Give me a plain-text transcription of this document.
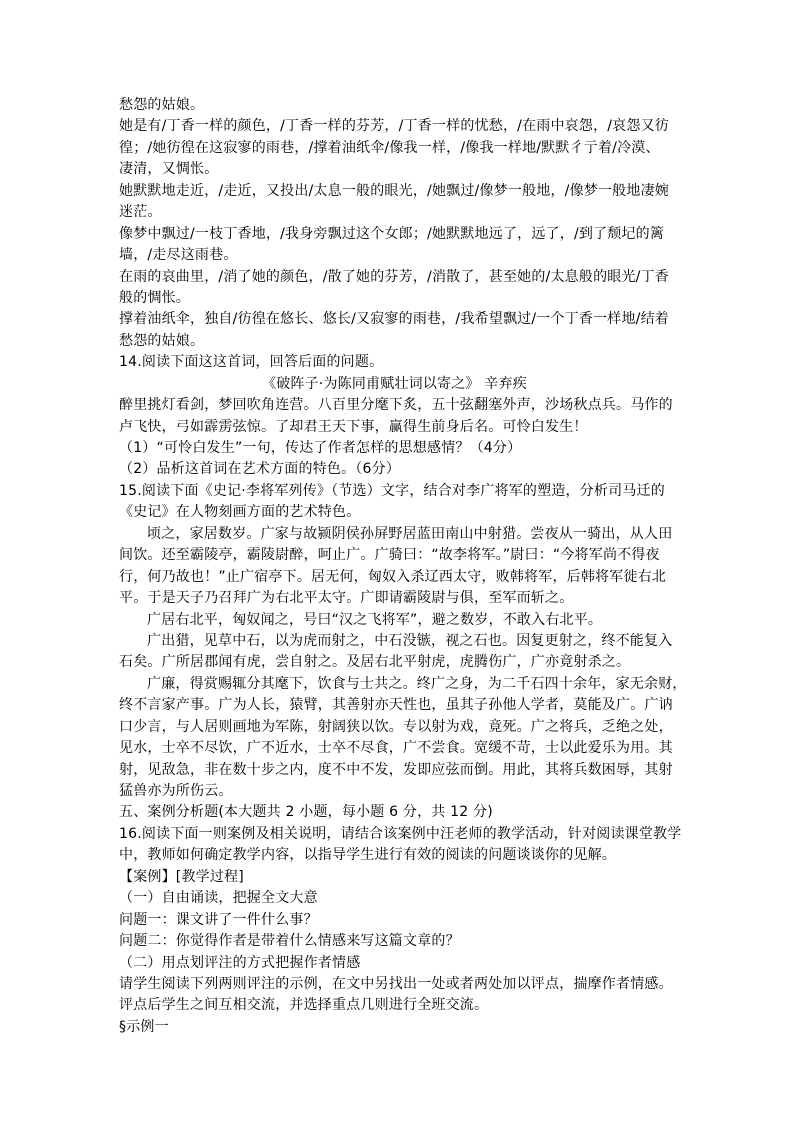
愁怨的姑娘。
她是有/丁香一样的颜色，/丁香一样的芬芳，/丁香一样的忧愁，/在雨中哀怨，/哀怨又彷
徨；/她彷徨在这寂寥的雨巷，/撑着油纸伞/像我一样，/像我一样地/默默彳亍着/冷漠、
凄清，又惆怅。
她默默地走近，/走近，又投出/太息一般的眼光，/她飘过/像梦一般地，/像梦一般地凄婉
迷茫。
像梦中飘过/一枝丁香地，/我身旁飘过这个女郎；/她默默地远了，远了，/到了颓圮的篱
墙，/走尽这雨巷。
在雨的哀曲里，/消了她的颜色，/散了她的芬芳，/消散了，甚至她的/太息般的眼光/丁香
般的惆怅。
撑着油纸伞，独自/彷徨在悠长、悠长/又寂寥的雨巷，/我希望飘过/一个丁香一样地/结着
愁怨的姑娘。
14.阅读下面这这首词，回答后面的问题。
《破阵子·为陈同甫赋壮词以寄之》 辛弃疾
醉里挑灯看剑，梦回吹角连营。八百里分麾下炙，五十弦翻塞外声，沙场秋点兵。马作的
卢飞快，弓如霹雳弦惊。了却君王天下事，赢得生前身后名。可怜白发生！
（1）“可怜白发生”一句，传达了作者怎样的思想感情？（4分）
（2）品析这首词在艺术方面的特色。（6分）
15.阅读下面《史记·李将军列传》（节选）文字，结合对李广将军的塑造，分析司马迁的
《史记》在人物刻画方面的艺术特色。
顷之，家居数岁。广家与故颍阴侯孙屏野居蓝田南山中射猎。尝夜从一骑出，从人田
间饮。还至霸陵亭，霸陵尉醉，呵止广。广骑曰：“故李将军。”尉曰：“今将军尚不得夜
行，何乃故也！”止广宿亭下。居无何，匈奴入杀辽西太守，败韩将军，后韩将军徙右北
平。于是天子乃召拜广为右北平太守。广即请霸陵尉与俱，至军而斩之。
广居右北平，匈奴闻之，号曰“汉之飞将军”，避之数岁，不敢入右北平。
广出猎，见草中石，以为虎而射之，中石没镞，视之石也。因复更射之，终不能复入
石矣。广所居郡闻有虎，尝自射之。及居右北平射虎，虎腾伤广，广亦竟射杀之。
广廉，得赏赐辄分其麾下，饮食与士共之。终广之身，为二千石四十余年，家无余财，
终不言家产事。广为人长，猿臂，其善射亦天性也，虽其子孙他人学者，莫能及广。广讷
口少言，与人居则画地为军陈，射阔狭以饮。专以射为戏，竟死。广之将兵，乏绝之处，
见水，士卒不尽饮，广不近水，士卒不尽食，广不尝食。宽缓不苛，士以此爱乐为用。其
射，见敌急，非在数十步之内，度不中不发，发即应弦而倒。用此，其将兵数困辱，其射
猛兽亦为所伤云。
五、案例分析题(本大题共 2 小题，每小题 6 分，共 12 分)
16.阅读下面一则案例及相关说明，请结合该案例中汪老师的教学活动，针对阅读课堂教学
中，教师如何确定教学内容，以指导学生进行有效的阅读的问题谈谈你的见解。
【案例】[教学过程]
（一）自由诵读，把握全文大意
问题一：课文讲了一件什么事？
问题二：你觉得作者是带着什么情感来写这篇文章的？
（二）用点划评注的方式把握作者情感
请学生阅读下列两则评注的示例，在文中另找出一处或者两处加以评点，揣摩作者情感。
评点后学生之间互相交流，并选择重点几则进行全班交流。
§示例一
